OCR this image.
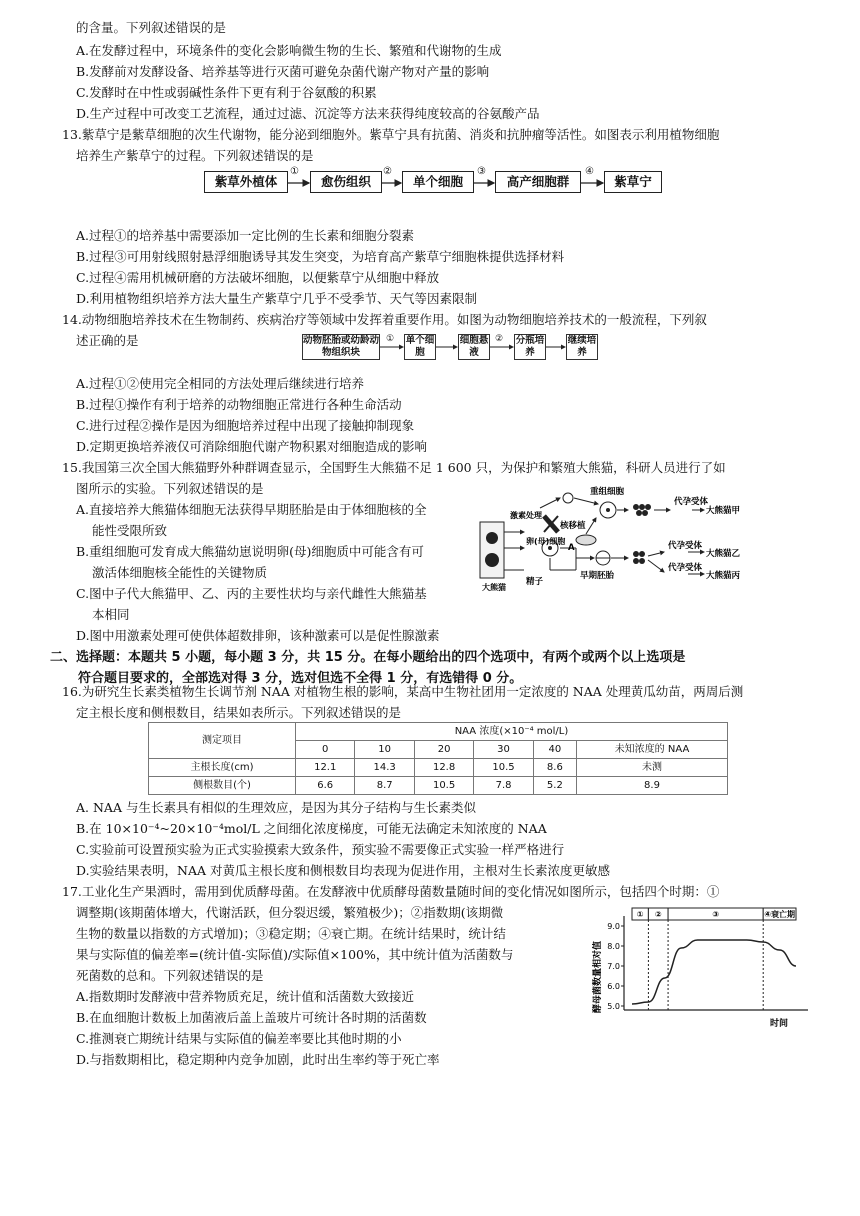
的含量。下列叙述错误的是
A.在发酵过程中，环境条件的变化会影响微生物的生长、繁殖和代谢物的生成
B.发酵前对发酵设备、培养基等进行灭菌可避免杂菌代谢产物对产量的影响
C.发酵时在中性或弱碱性条件下更有利于谷氨酸的积累
D.生产过程中可改变工艺流程，通过过滤、沉淀等方法来获得纯度较高的谷氨酸产品
13.紫草宁是紫草细胞的次生代谢物，能分泌到细胞外。紫草宁具有抗菌、消炎和抗肿瘤等活性。如图表示利用植物细胞
培养生产紫草宁的过程。下列叙述错误的是
紫草外植体	愈伤组织	单个细胞	高产细胞群	紫草宁
①	②	③	④
A.过程①的培养基中需要添加一定比例的生长素和细胞分裂素
B.过程③可用射线照射悬浮细胞诱导其发生突变，为培育高产紫草宁细胞株提供选择材料
C.过程④需用机械研磨的方法破坏细胞，以便紫草宁从细胞中释放
D.利用植物组织培养方法大量生产紫草宁几乎不受季节、天气等因素限制
14.动物细胞培养技术在生物制药、疾病治疗等领域中发挥着重要作用。如图为动物细胞培养技术的一般流程，下列叙
述正确的是	动物胚胎或幼龄动物组织块
单个细胞
细胞悬液
分瓶培养
继续培养
①	②
A.过程①②使用完全相同的方法处理后继续进行培养
B.过程①操作有利于培养的动物细胞正常进行各种生命活动
C.进行过程②操作是因为细胞培养过程中出现了接触抑制现象
D.定期更换培养液仅可消除细胞代谢产物积累对细胞造成的影响
15.我国第三次全国大熊猫野外种群调查显示，全国野生大熊猫不足 1 600 只，为保护和繁殖大熊猫，科研人员进行了如
图所示的实验。下列叙述错误的是
A.直接培养大熊猫体细胞无法获得早期胚胎是由于体细胞核的全
能性受限所致
B.重组细胞可发育成大熊猫幼崽说明卵(母)细胞质中可能含有可
激活体细胞核全能性的关键物质
C.图中子代大熊猫甲、乙、丙的主要性状均与亲代雌性大熊猫基
本相同
D.图中用激素处理可使供体超数排卵，该种激素可以是促性腺激素
重组细胞
代孕受体
大熊猫甲
激素处理
核移植
A
卵(母)细胞
大熊猫
代孕受体
大熊猫乙
早期胚胎
代孕受体
大熊猫丙
精子
二、选择题：本题共 5 小题，每小题 3 分，共 15 分。在每小题给出的四个选项中，有两个或两个以上选项是
符合题目要求的，全部选对得 3 分，选对但选不全得 1 分，有选错得 0 分。
16.为研究生长素类植物生长调节剂 NAA 对植物生根的影响，某高中生物社团用一定浓度的 NAA 处理黄瓜幼苗，两周后测
定主根长度和侧根数目，结果如表所示。下列叙述错误的是
测定项目	NAA 浓度(×10⁻⁴ mol/L)					
	0	10	20	30	40	未知浓度的 NAA
主根长度(cm)	12.1	14.3	12.8	10.5	8.6	未测
侧根数目(个)	6.6	8.7	10.5	7.8	5.2	8.9
A. NAA 与生长素具有相似的生理效应，是因为其分子结构与生长素类似
B.在 10×10⁻⁴~20×10⁻⁴mol/L 之间细化浓度梯度，可能无法确定未知浓度的 NAA
C.实验前可设置预实验为正式实验摸索大致条件，预实验不需要像正式实验一样严格进行
D.实验结果表明，NAA 对黄瓜主根长度和侧根数目均表现为促进作用，主根对生长素浓度更敏感
17.工业化生产果酒时，需用到优质酵母菌。在发酵液中优质酵母菌数量随时间的变化情况如图所示，包括四个时期：①
调整期(该期菌体增大，代谢活跃，但分裂迟缓，繁殖极少)；②指数期(该期微
生物的数量以指数的方式增加)；③稳定期；④衰亡期。在统计结果时，统计结
果与实际值的偏差率=(统计值-实际值)/实际值×100%，其中统计值为活菌数与
死菌数的总和。下列叙述错误的是
A.指数期时发酵液中营养物质充足，统计值和活菌数大致接近
B.在血细胞计数板上加菌液后盖上盖玻片可统计各时期的活菌数
C.推测衰亡期统计结果与实际值的偏差率要比其他时期的小
D.与指数期相比，稳定期种内竞争加剧，此时出生率约等于死亡率
酵母菌数量相对值 5.0
6.0
7.0
8.0
9.0
① ②	③	④衰亡期
时间
